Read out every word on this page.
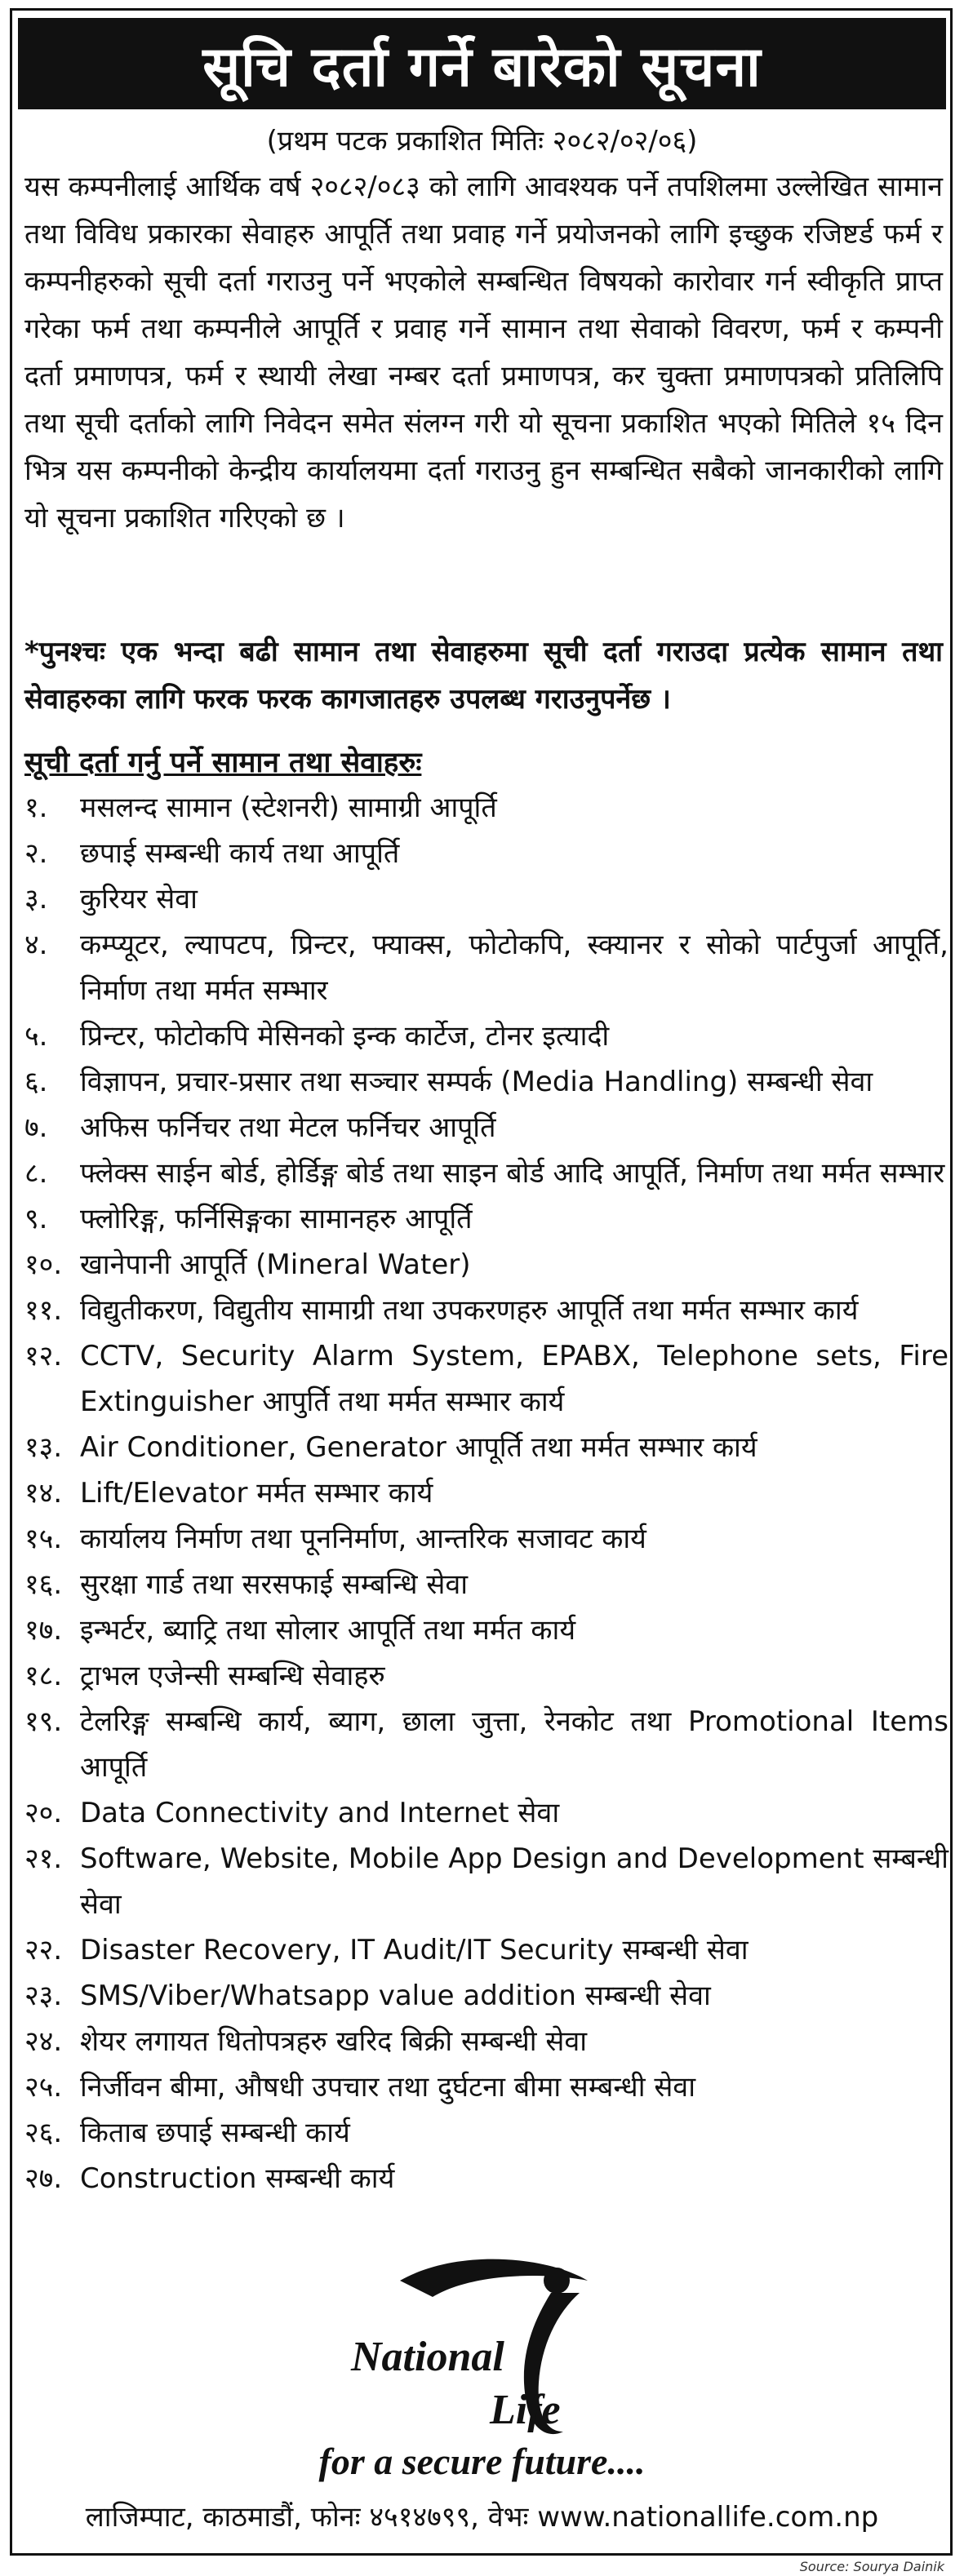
सूचि दर्ता गर्ने बारेको सूचना
(प्रथम पटक प्रकाशित मितिः २०८२/०२/०६)
यस कम्पनीलाई आर्थिक वर्ष २०८२/०८३ को लागि आवश्यक पर्ने तपशिलमा उल्लेखित सामान तथा विविध प्रकारका सेवाहरु आपूर्ति तथा प्रवाह गर्ने प्रयोजनको लागि इच्छुक रजिष्टर्ड फर्म र कम्पनीहरुको सूची दर्ता गराउनु पर्ने भएकोले सम्बन्धित विषयको कारोवार गर्न स्वीकृति प्राप्त गरेका फर्म तथा कम्पनीले आपूर्ति र प्रवाह गर्ने सामान तथा सेवाको विवरण, फर्म र कम्पनी दर्ता प्रमाणपत्र, फर्म र स्थायी लेखा नम्बर दर्ता प्रमाणपत्र, कर चुक्ता प्रमाणपत्रको प्रतिलिपि तथा सूची दर्ताको लागि निवेदन समेत संलग्न गरी यो सूचना प्रकाशित भएको मितिले १५ दिन भित्र यस कम्पनीको केन्द्रीय कार्यालयमा दर्ता गराउनु हुन सम्बन्धित सबैको जानकारीको लागि यो सूचना प्रकाशित गरिएको छ ।
*पुनश्चः एक भन्दा बढी सामान तथा सेवाहरुमा सूची दर्ता गराउदा प्रत्येक सामान तथा सेवाहरुका लागि फरक फरक कागजातहरु उपलब्ध गराउनुपर्नेछ ।
सूची दर्ता गर्नु पर्ने सामान तथा सेवाहरुः
१.	मसलन्द सामान (स्टेशनरी) सामाग्री आपूर्ति
२.	छपाई सम्बन्धी कार्य तथा आपूर्ति
३.	कुरियर सेवा
४.	कम्प्यूटर, ल्यापटप, प्रिन्टर, फ्याक्स, फोटोकपि, स्क्यानर र सोको पार्टपुर्जा आपूर्ति, निर्माण तथा मर्मत सम्भार
५.	प्रिन्टर, फोटोकपि मेसिनको इन्क कार्टेज, टोनर इत्यादी
६.	विज्ञापन, प्रचार-प्रसार तथा सञ्चार सम्पर्क (Media Handling) सम्बन्धी सेवा
७.	अफिस फर्निचर तथा मेटल फर्निचर आपूर्ति
८.	फ्लेक्स साईन बोर्ड, होर्डिङ्ग बोर्ड तथा साइन बोर्ड आदि आपूर्ति, निर्माण तथा मर्मत सम्भार
९.	फ्लोरिङ्ग, फर्निसिङ्गका सामानहरु आपूर्ति
१०. खानेपानी आपूर्ति (Mineral Water)
११. विद्युतीकरण, विद्युतीय सामाग्री तथा उपकरणहरु आपूर्ति तथा मर्मत सम्भार कार्य
१२. CCTV, Security Alarm System, EPABX, Telephone sets, Fire Extinguisher आपुर्ति तथा मर्मत सम्भार कार्य
१३. Air Conditioner, Generator आपूर्ति तथा मर्मत सम्भार कार्य
१४. Lift/Elevator मर्मत सम्भार कार्य
१५. कार्यालय निर्माण तथा पूननिर्माण, आन्तरिक सजावट कार्य
१६. सुरक्षा गार्ड तथा सरसफाई सम्बन्धि सेवा
१७. इन्भर्टर, ब्याट्रि तथा सोलार आपूर्ति तथा मर्मत कार्य
१८. ट्राभल एजेन्सी सम्बन्धि सेवाहरु
१९. टेलरिङ्ग सम्बन्धि कार्य, ब्याग, छाला जुत्ता, रेनकोट तथा Promotional Items आपूर्ति
२०. Data Connectivity and Internet सेवा
२१. Software, Website, Mobile App Design and Development सम्बन्धी सेवा
२२. Disaster Recovery, IT Audit/IT Security सम्बन्धी सेवा
२३. SMS/Viber/Whatsapp value addition सम्बन्धी सेवा
२४. शेयर लगायत धितोपत्रहरु खरिद बिक्री सम्बन्धी सेवा
२५. निर्जीवन बीमा, औषधी उपचार तथा दुर्घटना बीमा सम्बन्धी सेवा
२६. किताब छपाई सम्बन्धी कार्य
२७. Construction सम्बन्धी कार्य
National
Life
for a secure future....
लाजिम्पाट, काठमाडौं, फोनः ४५१४७९९, वेभः www.nationallife.com.np
Source: Sourya Dainik
